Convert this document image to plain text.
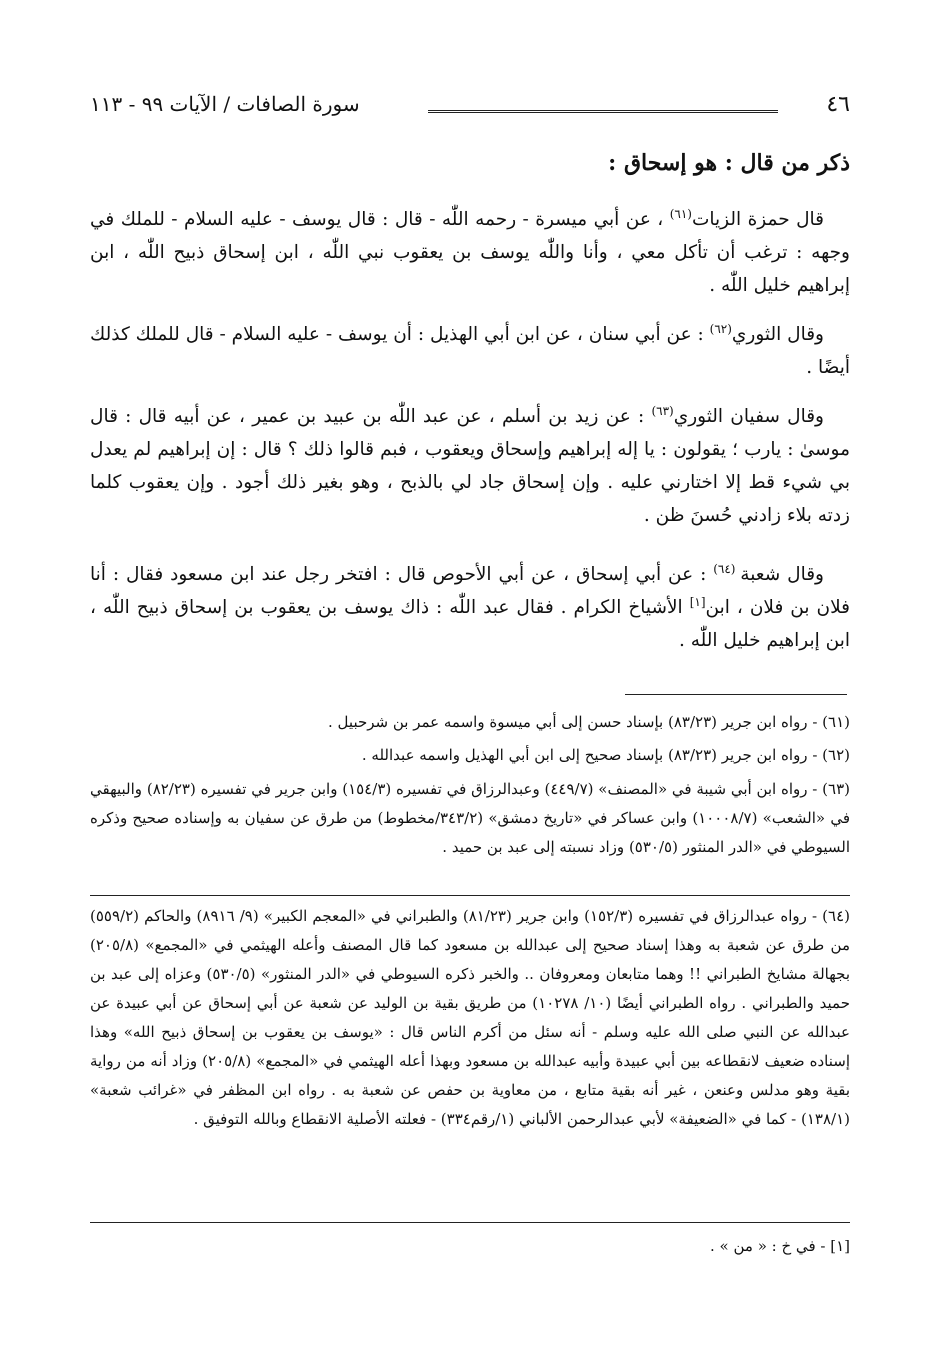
٤٦
سورة الصافات / الآيات ٩٩ - ١١٣
ذكر من قال : هو إسحاق :

قال حمزة الزيات$^{(٦١)}$ ، عن أبي ميسرة - رحمه اللّٰه - قال : قال يوسف - عليه السلام - للملك في وجهه : ترغب أن تأكل معي ، وأنا واللّٰه يوسف بن يعقوب نبي اللّٰه ، ابن إسحاق ذبيح اللّٰه ، ابن إبراهيم خليل اللّٰه .

وقال الثوري$^{(٦٢)}$ : عن أبي سنان ، عن ابن أبي الهذيل : أن يوسف - عليه السلام - قال للملك كذلك أيضًا .

وقال سفيان الثوري$^{(٦٣)}$ : عن زيد بن أسلم ، عن عبد اللّٰه بن عبيد بن عمير ، عن أبيه قال : قال موسىٰ : يارب ؛ يقولون : يا إله إبراهيم وإسحاق ويعقوب ، فبم قالوا ذلك ؟ قال : إن إبراهيم لم يعدل بي شيء قط إلا اختارني عليه . وإن إسحاق جاد لي بالذبح ، وهو بغير ذلك أجود . وإن يعقوب كلما زدته بلاء زادني حُسنَ ظن .

وقال شعبة $^{(٦٤)}$ : عن أبي إسحاق ، عن أبي الأحوص قال : افتخر رجل عند ابن مسعود فقال : أنا فلان بن فلان ، ابن[١] الأشياخ الكرام . فقال عبد اللّٰه : ذاك يوسف بن يعقوب بن إسحاق ذبيح اللّٰه ، ابن إبراهيم خليل اللّٰه .

(٦١) - رواه ابن جرير (٨٣/٢٣) بإسناد حسن إلى أبي ميسوة واسمه عمر بن شرحبيل .

(٦٢) - رواه ابن جرير (٨٣/٢٣) بإسناد صحيح إلى ابن أبي الهذيل واسمه عبدالله .

(٦٣) - رواه ابن أبي شيبة في «المصنف» (٤٤٩/٧) وعبدالرزاق في تفسيره (١٥٤/٣) وابن جرير في تفسيره (٨٢/٢٣) والبيهقي في «الشعب» (١٠٠٠٨/٧) وابن عساكر في «تاريخ دمشق» (٣٤٣/٢/مخطوط) من طرق عن سفيان به وإسناده صحيح وذكره السيوطي في «الدر المنثور (٥٣٠/٥) وزاد نسبته إلى عبد بن حميد .

(٦٤) - رواه عبدالرزاق في تفسيره (١٥٢/٣) وابن جرير (٨١/٢٣) والطبراني في «المعجم الكبير» (٩/ ٨٩١٦) والحاكم (٥٥٩/٢) من طرق عن شعبة به وهذا إسناد صحيح إلى عبدالله بن مسعود كما قال المصنف وأعله الهيثمي في «المجمع» (٢٠٥/٨) بجهالة مشايخ الطبراني !! وهما متابعان ومعروفان .. والخبر ذكره السيوطي في «الدر المنثور» (٥٣٠/٥) وعزاه إلى عبد بن حميد والطبراني . رواه الطبراني أيضًا (١٠/ ١٠٢٧٨) من طريق بقية بن الوليد عن شعبة عن أبي إسحاق عن أبي عبيدة عن عبدالله عن النبي صلى الله عليه وسلم - أنه سئل من أكرم الناس قال : «يوسف بن يعقوب بن إسحاق ذبيح الله» وهذا إسناده ضعيف لانقطاعه بين أبي عبيدة وأبيه عبدالله بن مسعود وبهذا أعله الهيثمي في «المجمع» (٢٠٥/٨) وزاد أنه من رواية بقية وهو مدلس وعنعن ، غير أنه بقية متابع ، من معاوية بن حفص عن شعبة به . رواه ابن المظفر في «غرائب شعبة» (١٣٨/١) - كما في «الضعيفة» لأبي عبدالرحمن الألباني (١/رقم٣٣٤) - فعلته الأصلية الانقطاع وبالله التوفيق .

[١] - في خ : « من » .
